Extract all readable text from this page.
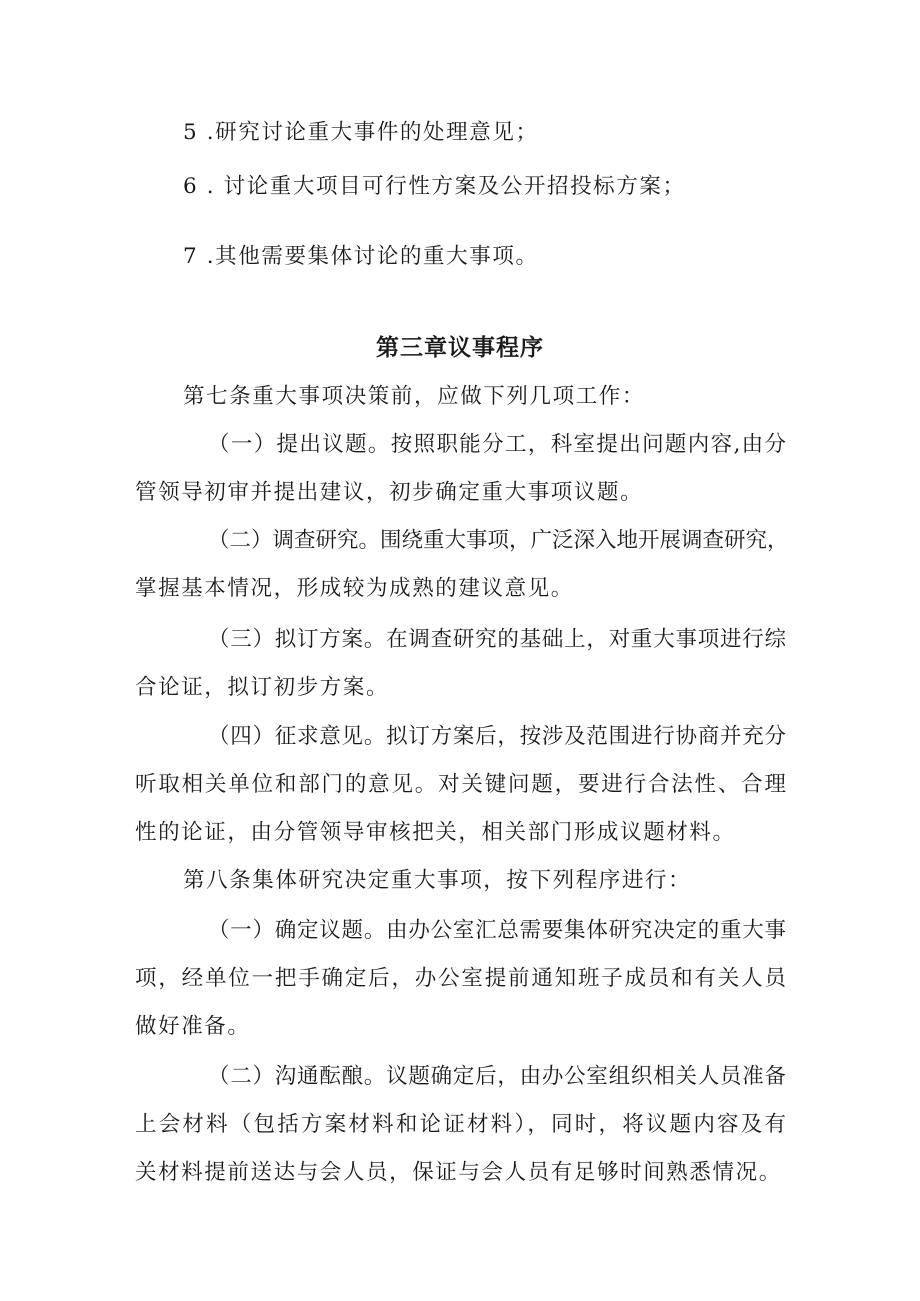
5 .研究讨论重大事件的处理意见；
6 . 讨论重大项目可行性方案及公开招投标方案；
7 .其他需要集体讨论的重大事项。
第三章议事程序
第七条重大事项决策前，应做下列几项工作：
（一）提出议题。按照职能分工，科室提出问题内容,由分
管领导初审并提出建议，初步确定重大事项议题。
（二）调查研究。围绕重大事项，广泛深入地开展调查研究，
掌握基本情况，形成较为成熟的建议意见。
（三）拟订方案。在调查研究的基础上，对重大事项进行综
合论证，拟订初步方案。
（四）征求意见。拟订方案后，按涉及范围进行协商并充分
听取相关单位和部门的意见。对关键问题，要进行合法性、合理
性的论证，由分管领导审核把关，相关部门形成议题材料。
第八条集体研究决定重大事项，按下列程序进行：
（一）确定议题。由办公室汇总需要集体研究决定的重大事
项，经单位一把手确定后，办公室提前通知班子成员和有关人员
做好准备。
（二）沟通酝酿。议题确定后，由办公室组织相关人员准备
上会材料（包括方案材料和论证材料），同时，将议题内容及有
关材料提前送达与会人员，保证与会人员有足够时间熟悉情况。
